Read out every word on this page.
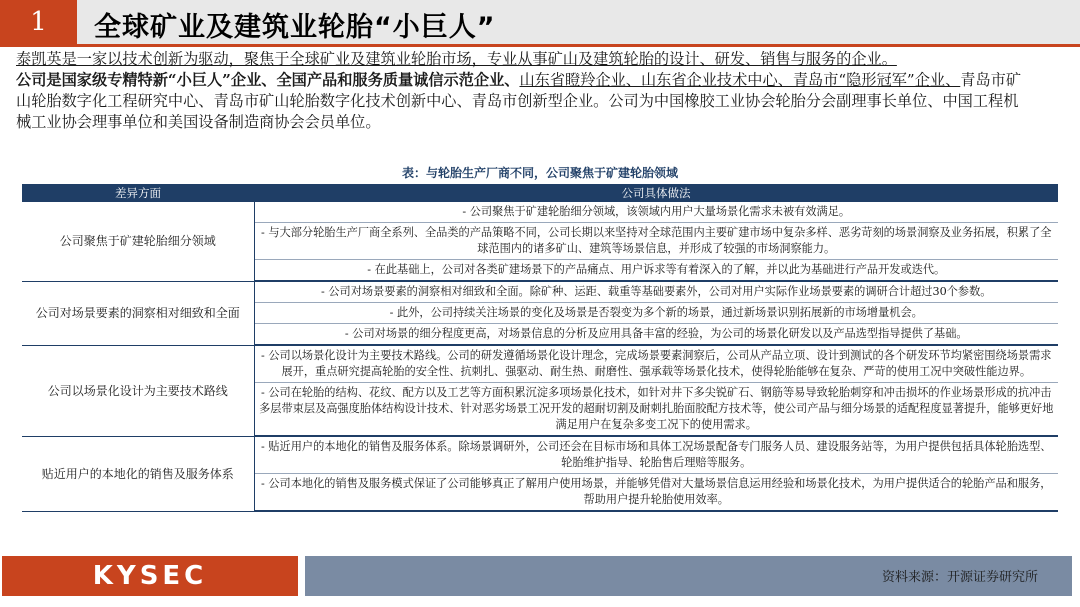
1	全球矿业及建筑业轮胎“小巨人”

泰凯英是一家以技术创新为驱动，聚焦于全球矿业及建筑业轮胎市场，专业从事矿山及建筑轮胎的设计、研发、销售与服务的企业。

公司是国家级专精特新“小巨人”企业、全国产品和服务质量诚信示范企业、山东省瞪羚企业、山东省企业技术中心、青岛市“隐形冠军”企业、青岛市矿山轮胎数字化工程研究中心、青岛市矿山轮胎数字化技术创新中心、青岛市创新型企业。公司为中国橡胶工业协会轮胎分会副理事长单位、中国工程机械工业协会理事单位和美国设备制造商协会会员单位。

表：与轮胎生产厂商不同，公司聚焦于矿建轮胎领域
差异方面	公司具体做法
公司聚焦于矿建轮胎细分领域	- 公司聚焦于矿建轮胎细分领域，该领域内用户大量场景化需求未被有效满足。
	- 与大部分轮胎生产厂商全系列、全品类的产品策略不同，公司长期以来坚持对全球范围内主要矿建市场中复杂多样、恶劣苛刻的场景洞察及业务拓展，积累了全球范围内的诸多矿山、建筑等场景信息，并形成了较强的市场洞察能力。
	- 在此基础上，公司对各类矿建场景下的产品痛点、用户诉求等有着深入的了解，并以此为基础进行产品开发或迭代。
公司对场景要素的洞察相对细致和全面	- 公司对场景要素的洞察相对细致和全面。除矿种、运距、载重等基础要素外，公司对用户实际作业场景要素的调研合计超过30个参数。
	- 此外，公司持续关注场景的变化及场景是否裂变为多个新的场景，通过新场景识别拓展新的市场增量机会。
	- 公司对场景的细分程度更高，对场景信息的分析及应用具备丰富的经验，为公司的场景化研发以及产品选型指导提供了基础。
公司以场景化设计为主要技术路线	- 公司以场景化设计为主要技术路线。公司的研发遵循场景化设计理念，完成场景要素洞察后，公司从产品立项、设计到测试的各个研发环节均紧密围绕场景需求展开，重点研究提高轮胎的安全性、抗刺扎、强驱动、耐生热、耐磨性、强承载等场景化技术，使得轮胎能够在复杂、严苛的使用工况中突破性能边界。
	- 公司在轮胎的结构、花纹、配方以及工艺等方面积累沉淀多项场景化技术，如针对井下多尖锐矿石、钢筋等易导致轮胎刺穿和冲击损坏的作业场景形成的抗冲击多层带束层及高强度胎体结构设计技术、针对恶劣场景工况开发的超耐切割及耐刺扎胎面胶配方技术等，使公司产品与细分场景的适配程度显著提升，能够更好地满足用户在复杂多变工况下的使用需求。
贴近用户的本地化的销售及服务体系	- 贴近用户的本地化的销售及服务体系。除场景调研外，公司还会在目标市场和具体工况场景配备专门服务人员、建设服务站等，为用户提供包括具体轮胎选型、轮胎维护指导、轮胎售后理赔等服务。
	- 公司本地化的销售及服务模式保证了公司能够真正了解用户使用场景，并能够凭借对大量场景信息运用经验和场景化技术，为用户提供适合的轮胎产品和服务，帮助用户提升轮胎使用效率。
KYSEC	资料来源：开源证券研究所
